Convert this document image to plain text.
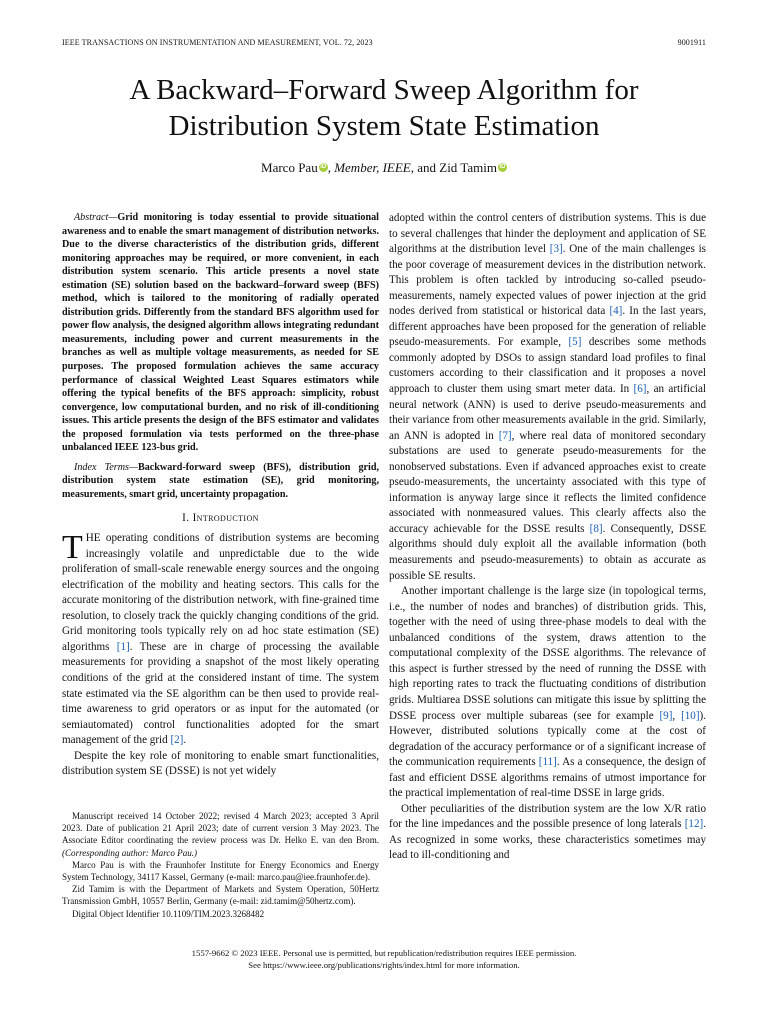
IEEE TRANSACTIONS ON INSTRUMENTATION AND MEASUREMENT, VOL. 72, 2023	9001911
A Backward–Forward Sweep Algorithm for
Distribution System State Estimation
Marco Pau iD , Member, IEEE, and Zid Tamim iD

Abstract—Grid monitoring is today essential to provide situational awareness and to enable the smart management of distribution networks. Due to the diverse characteristics of the distribution grids, different monitoring approaches may be required, or more convenient, in each distribution system scenario. This article presents a novel state estimation (SE) solution based on the backward–forward sweep (BFS) method, which is tailored to the monitoring of radially operated distribution grids. Differently from the standard BFS algorithm used for power flow analysis, the designed algorithm allows integrating redundant measurements, including power and current measurements in the branches as well as multiple voltage measurements, as needed for SE purposes. The proposed formulation achieves the same accuracy performance of classical Weighted Least Squares estimators while offering the typical benefits of the BFS approach: simplicity, robust convergence, low computational burden, and no risk of ill-conditioning issues. This article presents the design of the BFS estimator and validates the proposed formulation via tests performed on the three-phase unbalanced IEEE 123-bus grid.

Index Terms—Backward-forward sweep (BFS), distribution grid, distribution system state estimation (SE), grid monitoring, measurements, smart grid, uncertainty propagation.

I. Introduction

THE operating conditions of distribution systems are becoming increasingly volatile and unpredictable due to the wide proliferation of small-scale renewable energy sources and the ongoing electrification of the mobility and heating sectors. This calls for the accurate monitoring of the distribution network, with fine-grained time resolution, to closely track the quickly changing conditions of the grid. Grid monitoring tools typically rely on ad hoc state estimation (SE) algorithms [1]. These are in charge of processing the available measurements for providing a snapshot of the most likely operating conditions of the grid at the considered instant of time. The system state estimated via the SE algorithm can be then used to provide real-time awareness to grid operators or as input for the automated (or semiautomated) control functionalities adopted for the smart management of the grid [2].

Despite the key role of monitoring to enable smart functionalities, distribution system SE (DSSE) is not yet widely

Manuscript received 14 October 2022; revised 4 March 2023; accepted 3 April 2023. Date of publication 21 April 2023; date of current version 3 May 2023. The Associate Editor coordinating the review process was Dr. Helko E. van den Brom. (Corresponding author: Marco Pau.)

Marco Pau is with the Fraunhofer Institute for Energy Economics and Energy System Technology, 34117 Kassel, Germany (e-mail: marco.pau@iee.fraunhofer.de).

Zid Tamim is with the Department of Markets and System Operation, 50Hertz Transmission GmbH, 10557 Berlin, Germany (e-mail: zid.tamim@50hertz.com).

Digital Object Identifier 10.1109/TIM.2023.3268482

adopted within the control centers of distribution systems. This is due to several challenges that hinder the deployment and application of SE algorithms at the distribution level [3]. One of the main challenges is the poor coverage of measurement devices in the distribution network. This problem is often tackled by introducing so-called pseudo-measurements, namely expected values of power injection at the grid nodes derived from statistical or historical data [4]. In the last years, different approaches have been proposed for the generation of reliable pseudo-measurements. For example, [5] describes some methods commonly adopted by DSOs to assign standard load profiles to final customers according to their classification and it proposes a novel approach to cluster them using smart meter data. In [6], an artificial neural network (ANN) is used to derive pseudo-measurements and their variance from other measurements available in the grid. Similarly, an ANN is adopted in [7], where real data of monitored secondary substations are used to generate pseudo-measurements for the nonobserved substations. Even if advanced approaches exist to create pseudo-measurements, the uncertainty associated with this type of information is anyway large since it reflects the limited confidence associated with nonmeasured values. This clearly affects also the accuracy achievable for the DSSE results [8]. Consequently, DSSE algorithms should duly exploit all the available information (both measurements and pseudo-measurements) to obtain as accurate as possible SE results.

Another important challenge is the large size (in topological terms, i.e., the number of nodes and branches) of distribution grids. This, together with the need of using three-phase models to deal with the unbalanced conditions of the system, draws attention to the computational complexity of the DSSE algorithms. The relevance of this aspect is further stressed by the need of running the DSSE with high reporting rates to track the fluctuating conditions of distribution grids. Multiarea DSSE solutions can mitigate this issue by splitting the DSSE process over multiple subareas (see for example [9], [10]). However, distributed solutions typically come at the cost of degradation of the accuracy performance or of a significant increase of the communication requirements [11]. As a consequence, the design of fast and efficient DSSE algorithms remains of utmost importance for the practical implementation of real-time DSSE in large grids.

Other peculiarities of the distribution system are the low X/R ratio for the line impedances and the possible presence of long laterals [12]. As recognized in some works, these characteristics sometimes may lead to ill-conditioning and

1557-9662 © 2023 IEEE. Personal use is permitted, but republication/redistribution requires IEEE permission.
See https://www.ieee.org/publications/rights/index.html for more information.
